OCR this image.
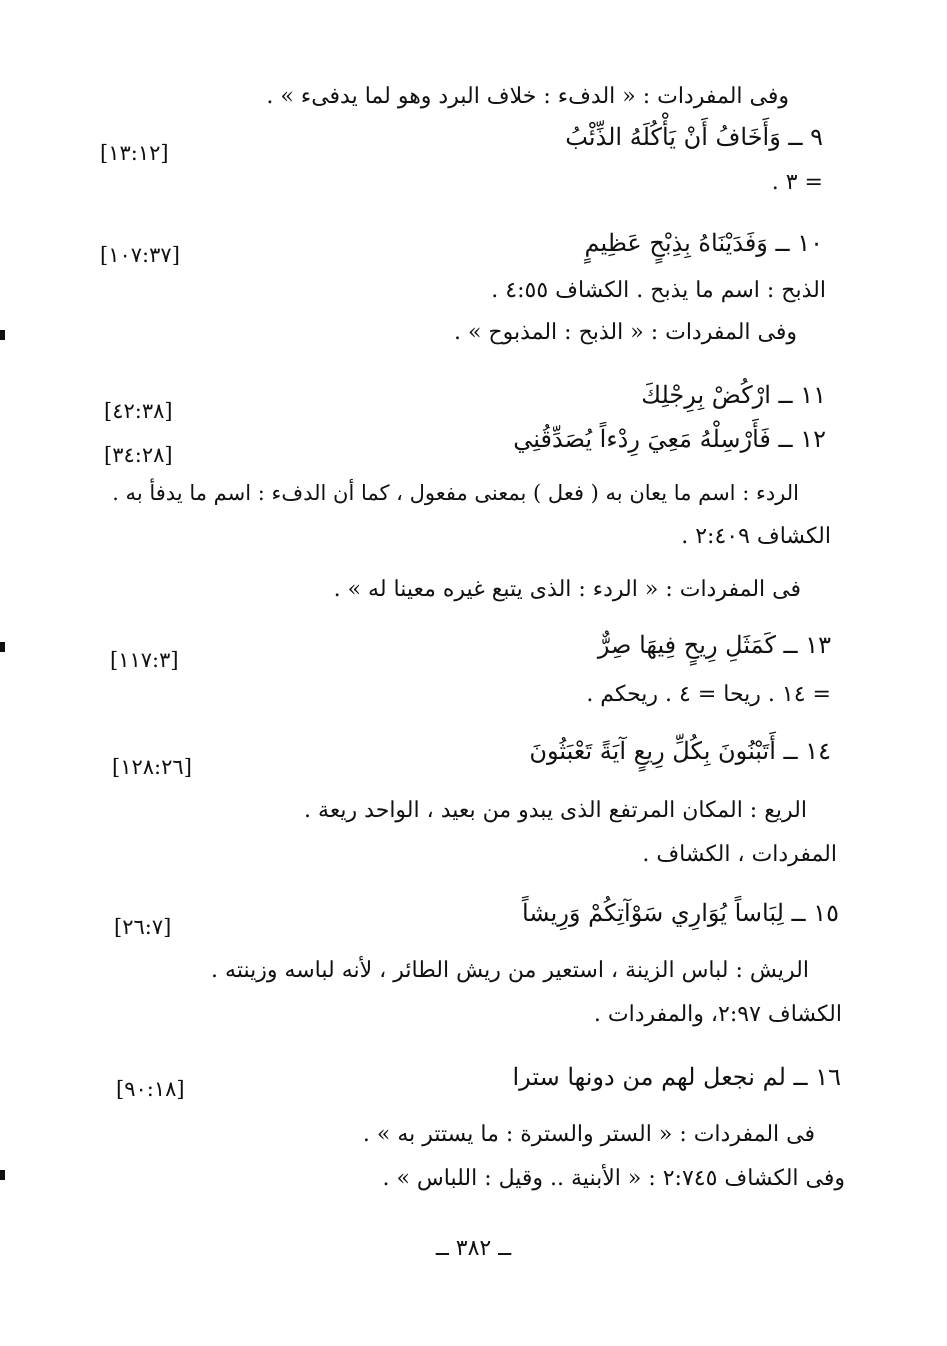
وفى المفردات : « الدفء : خلاف البرد وهو لما يدفىء » .
٩ ــ وَأَخَافُ أَنْ يَأْكُلَهُ الذِّئْبُ
[١٣:١٢]
= ٣ .
١٠ ــ وَفَدَيْنَاهُ بِذِبْحٍ عَظِيمٍ
[١٠٧:٣٧]
الذبح : اسم ما يذبح . الكشاف ٤:٥٥ .
وفى المفردات : « الذبح : المذبوح » .
١١ ــ ارْكُضْ بِرِجْلِكَ
[٤٢:٣٨]
١٢ ــ فَأَرْسِلْهُ مَعِيَ رِدْءاً يُصَدِّقُنِي
[٣٤:٢٨]
الردء : اسم ما يعان به ( فعل ) بمعنى مفعول ، كما أن الدفء : اسم ما يدفأ به .
الكشاف ٢:٤٠٩ .
فى المفردات : « الردء : الذى يتبع غيره معينا له » .
١٣ ــ كَمَثَلِ رِيحٍ فِيهَا صِرٌّ
[١١٧:٣]
= ١٤ . ريحا = ٤ . ريحكم .
١٤ ــ أَتَبْنُونَ بِكُلِّ رِيعٍ آيَةً تَعْبَثُونَ
[١٢٨:٢٦]
الريع : المكان المرتفع الذى يبدو من بعيد ، الواحد ريعة .
المفردات ، الكشاف .
١٥ ــ لِبَاساً يُوَارِي سَوْآتِكُمْ وَرِيشاً
[٢٦:٧]
الريش : لباس الزينة ، استعير من ريش الطائر ، لأنه لباسه وزينته .
الكشاف ٢:٩٧، والمفردات .
١٦ ــ لم نجعل لهم من دونها سترا
[٩٠:١٨]
فى المفردات : « الستر والسترة : ما يستتر به » .
وفى الكشاف ٢:٧٤٥ : « الأبنية .. وقيل : اللباس » .
ــ ٣٨٢ ــ
